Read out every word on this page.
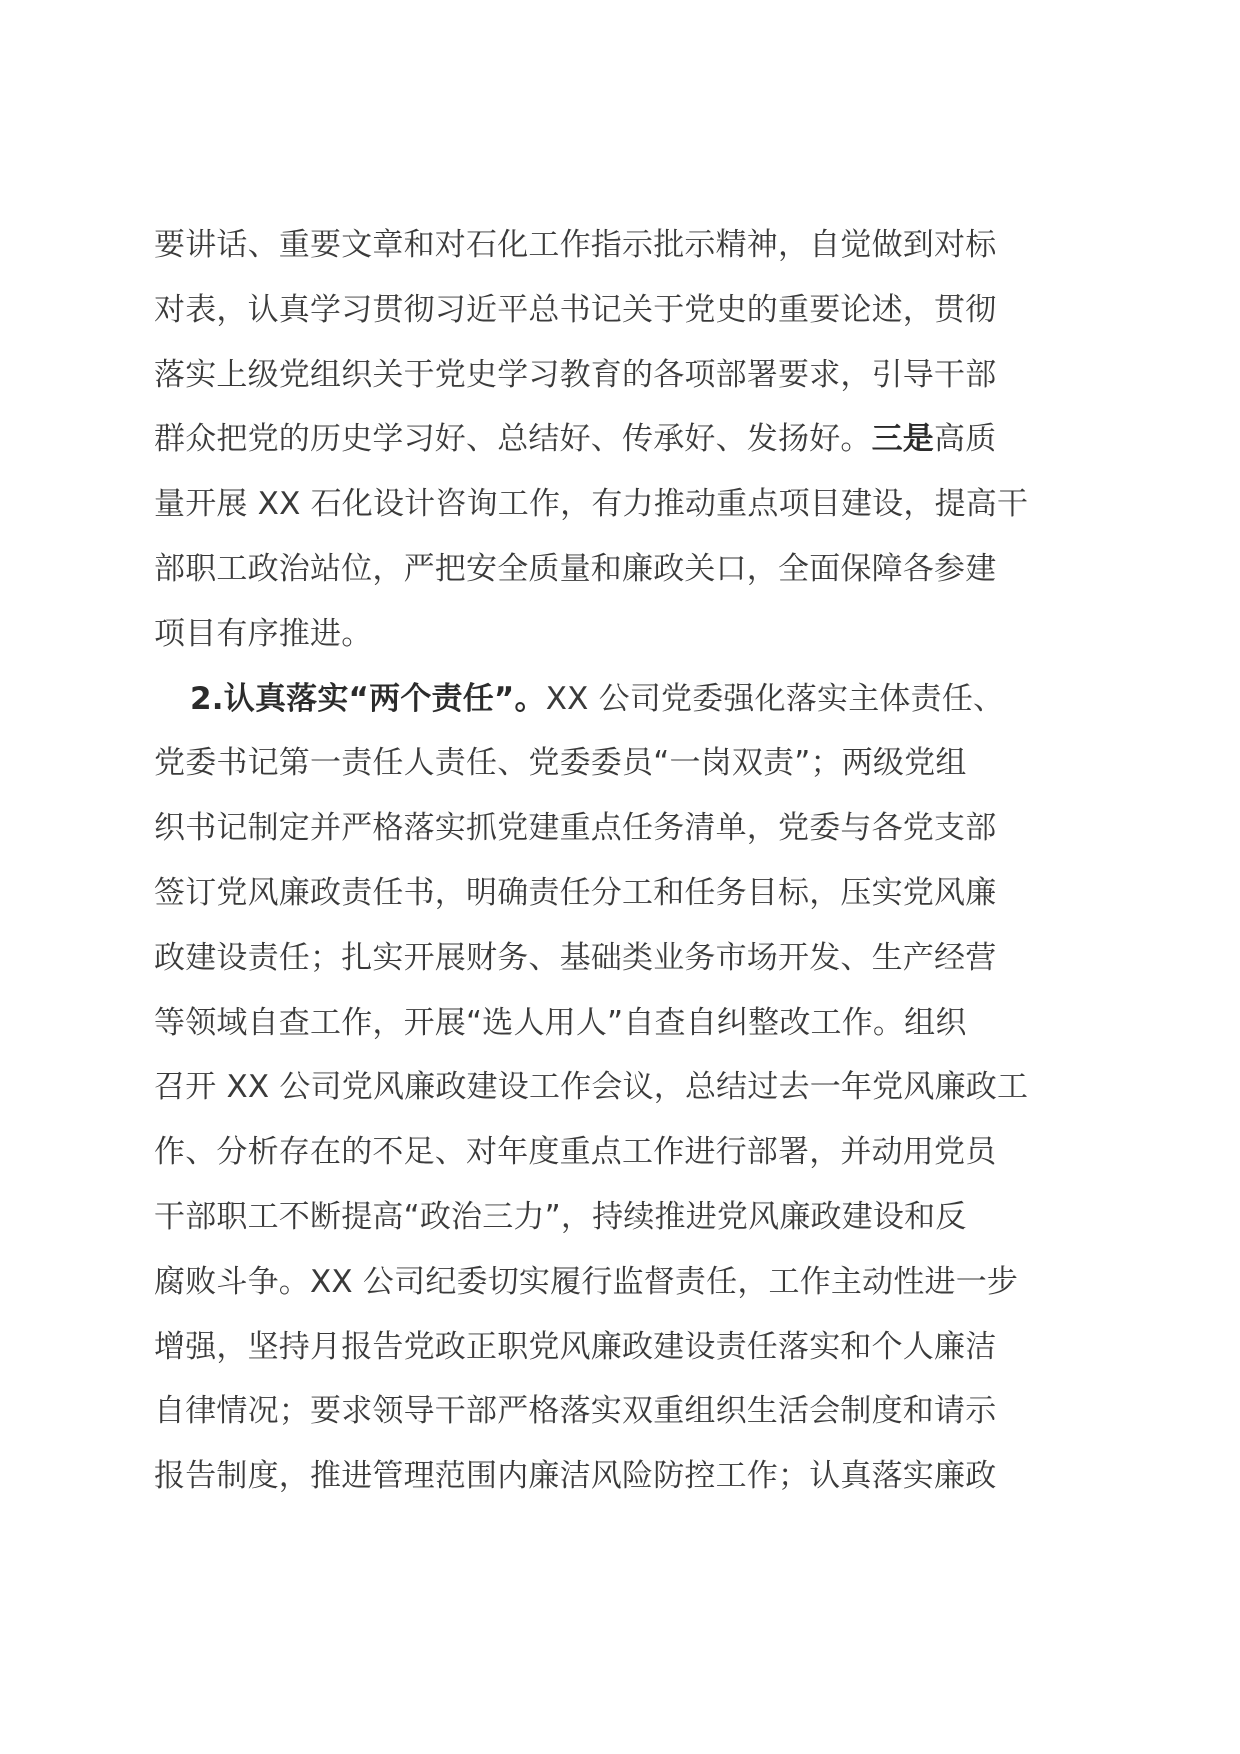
要讲话、重要文章和对石化工作指示批示精神，自觉做到对标
对表，认真学习贯彻习近平总书记关于党史的重要论述，贯彻
落实上级党组织关于党史学习教育的各项部署要求，引导干部
群众把党的历史学习好、总结好、传承好、发扬好。三是高质
量开展 XX 石化设计咨询工作，有力推动重点项目建设，提高干
部职工政治站位，严把安全质量和廉政关口，全面保障各参建
项目有序推进。
2.认真落实“两个责任”。XX 公司党委强化落实主体责任、
党委书记第一责任人责任、党委委员“一岗双责”；两级党组
织书记制定并严格落实抓党建重点任务清单，党委与各党支部
签订党风廉政责任书，明确责任分工和任务目标，压实党风廉
政建设责任；扎实开展财务、基础类业务市场开发、生产经营
等领域自查工作，开展“选人用人”自查自纠整改工作。组织
召开 XX 公司党风廉政建设工作会议，总结过去一年党风廉政工
作、分析存在的不足、对年度重点工作进行部署，并动用党员
干部职工不断提高“政治三力”，持续推进党风廉政建设和反
腐败斗争。XX 公司纪委切实履行监督责任，工作主动性进一步
增强，坚持月报告党政正职党风廉政建设责任落实和个人廉洁
自律情况；要求领导干部严格落实双重组织生活会制度和请示
报告制度，推进管理范围内廉洁风险防控工作；认真落实廉政
